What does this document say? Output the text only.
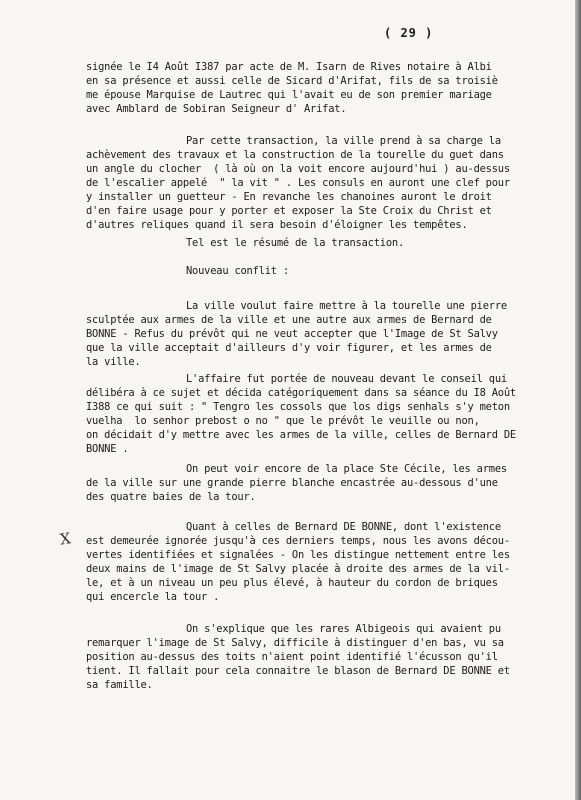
( 29 )
signée le I4 Août I387 par acte de M. Isarn de Rives notaire à Albi
en sa présence et aussi celle de Sicard d'Arifat, fils de sa troisiè
me épouse Marquise de Lautrec qui l'avait eu de son premier mariage
avec Amblard de Sobiran Seigneur d' Arifat.
Par cette transaction, la ville prend à sa charge la
achèvement des travaux et la construction de la tourelle du guet dans
un angle du clocher  ( là où on la voit encore aujourd'hui ) au-dessus
de l'escalier appelé  " la vit " . Les consuls en auront une clef pour
y installer un guetteur - En revanche les chanoines auront le droit
d'en faire usage pour y porter et exposer la Ste Croix du Christ et
d'autres reliques quand il sera besoin d'éloigner les tempêtes.
Tel est le résumé de la transaction.
Nouveau conflit :
La ville voulut faire mettre à la tourelle une pierre
sculptée aux armes de la ville et une autre aux armes de Bernard de
BONNE - Refus du prévôt qui ne veut accepter que l'Image de St Salvy
que la ville acceptait d'ailleurs d'y voir figurer, et les armes de
la ville.
L'affaire fut portée de nouveau devant le conseil qui
délibéra à ce sujet et décida catégoriquement dans sa séance du I8 Août
I388 ce qui suit : " Tengro les cossols que los digs senhals s'y meton
vuelha  lo senhor prebost o no " que le prévôt le veuille ou non,
on décidait d'y mettre avec les armes de la ville, celles de Bernard DE
BONNE .
On peut voir encore de la place Ste Cécile, les armes
de la ville sur une grande pierre blanche encastrée au-dessous d'une
des quatre baies de la tour.
Quant à celles de Bernard DE BONNE, dont l'existence
est demeurée ignorée jusqu'à ces derniers temps, nous les avons décou-
vertes identifiées et signalées - On les distingue nettement entre les
deux mains de l'image de St Salvy placée à droite des armes de la vil-
le, et à un niveau un peu plus élevé, à hauteur du cordon de briques
qui encercle la tour .
On s'explique que les rares Albigeois qui avaient pu
remarquer l'image de St Salvy, difficile à distinguer d'en bas, vu sa
position au-dessus des toits n'aient point identifié l'écusson qu'il
tient. Il fallait pour cela connaitre le blason de Bernard DE BONNE et
sa famille.
X
